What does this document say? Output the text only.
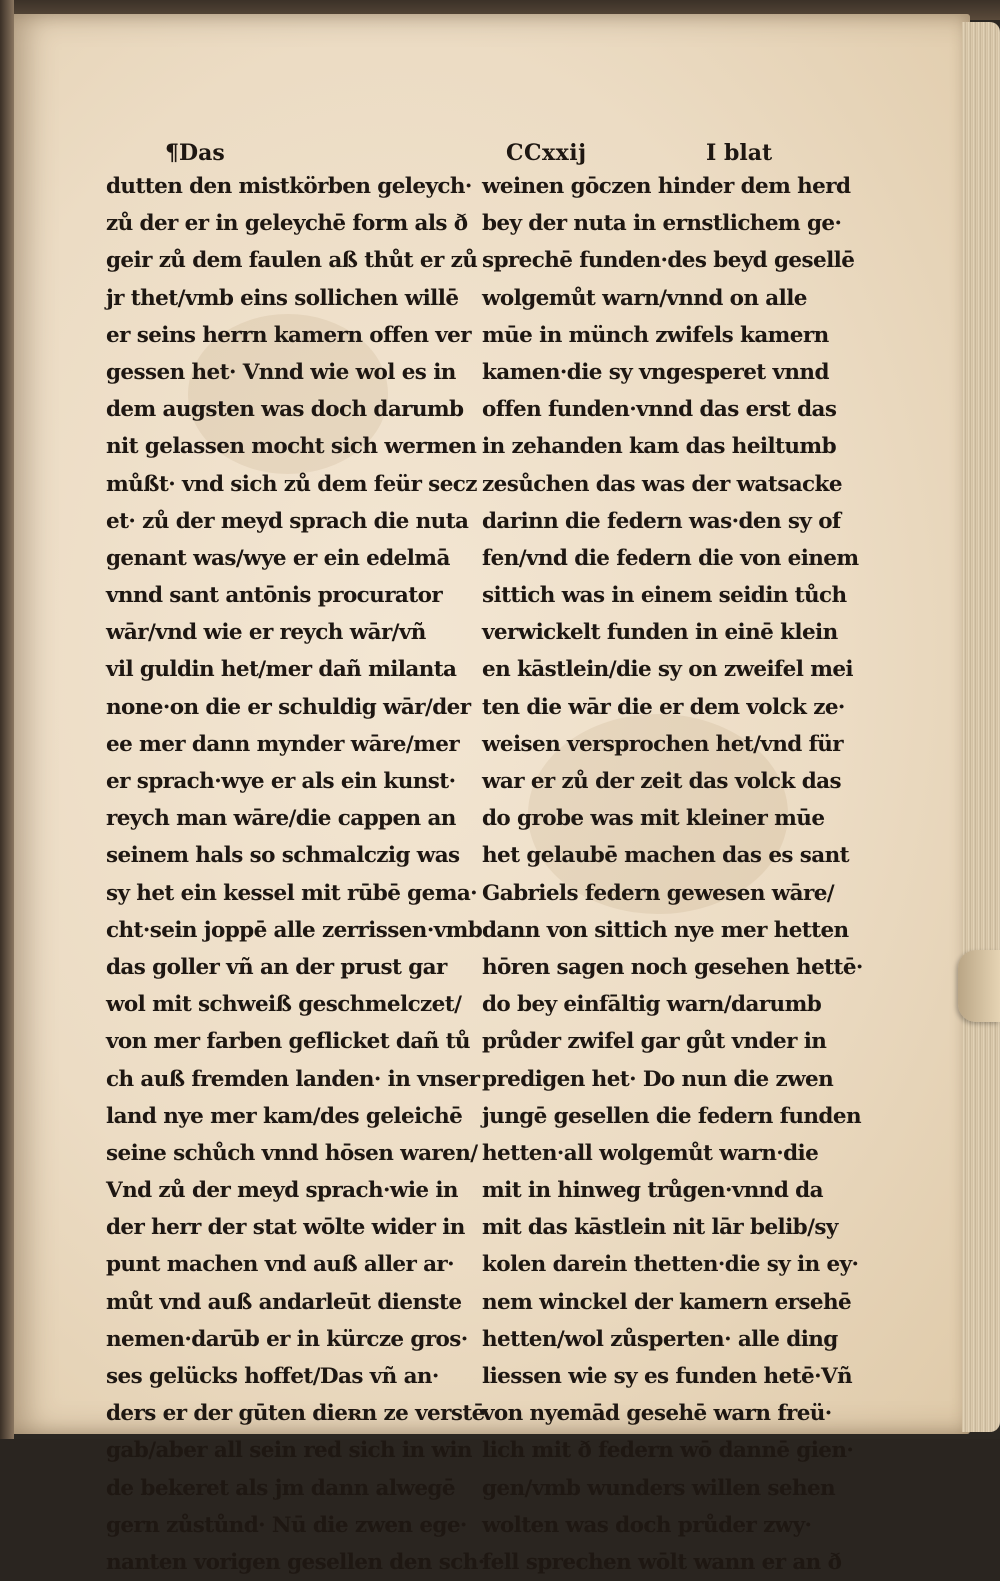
¶Das	CCxxij	I blat
dutten den mistkörben geleych·
zů der er in geleychē form als ð
geir zů dem faulen aß thůt er zů
jr thet/vmb eins sollichen willē
er seins herrn kamern offen ver
gessen het· Vnnd wie wol es in
dem augsten was doch darumb
nit gelassen mocht sich wermen
můßt· vnd sich zů dem feür secz
et· zů der meyd sprach die nuta
genant was/wye er ein edelmā
vnnd sant antōnis procurator
wār/vnd wie er reych wār/vñ
vil guldin het/mer dañ milanta
none·on die er schuldig wār/der
ee mer dann mynder wāre/mer
er sprach·wye er als ein kunst·
reych man wāre/die cappen an
seinem hals so schmalczig was
sy het ein kessel mit rūbē gema·
cht·sein joppē alle zerrissen·vmb
das goller vñ an der prust gar
wol mit schweiß geschmelczet/
von mer farben geflicket dañ tů
ch auß fremden landen· in vnser
land nye mer kam/des geleichē
seine schůch vnnd hōsen waren/
Vnd zů der meyd sprach·wie in
der herr der stat wōlte wider in
punt machen vnd auß aller ar·
můt vnd auß andarleūt dienste
nemen·darūb er in kürcze gros·
ses gelücks hoffet/Das vñ an·
ders er der gūten dieʀn ze verstē
gab/aber all sein red sich in win
de bekeret als jm dann alwegē
gern zůstůnd· Nū die zwen ege·
nanten vorigen gesellen den sch·
weinen gōczen hinder dem herd
bey der nuta in ernstlichem ge·
sprechē funden·des beyd gesellē
wolgemůt warn/vnnd on alle
mūe in münch zwifels kamern
kamen·die sy vngesperet vnnd
offen funden·vnnd das erst das
in zehanden kam das heiltumb
zesůchen das was der watsacke
darinn die federn was·den sy of
fen/vnd die federn die von einem
sittich was in einem seidin tůch
verwickelt funden in einē klein
en kāstlein/die sy on zweifel mei
ten die wār die er dem volck ze·
weisen versprochen het/vnd für
war er zů der zeit das volck das
do grobe was mit kleiner mūe
het gelaubē machen das es sant
Gabriels federn gewesen wāre/
dann von sittich nye mer hetten
hōren sagen noch gesehen hettē·
do bey einfāltig warn/darumb
průder zwifel gar gůt vnder in
predigen het· Do nun die zwen
jungē gesellen die federn funden
hetten·all wolgemůt warn·die
mit in hinweg trůgen·vnnd da
mit das kāstlein nit lār belib/sy
kolen darein thetten·die sy in ey·
nem winckel der kamern ersehē
hetten/wol zůsperten· alle ding
liessen wie sy es funden hetē·Vñ
von nyemād gesehē warn freü·
lich mit ð federn wō dannē gien·
gen/vmb wunders willen sehen
wolten was doch průder zwy·
fell sprechen wōlt wann er an ð
